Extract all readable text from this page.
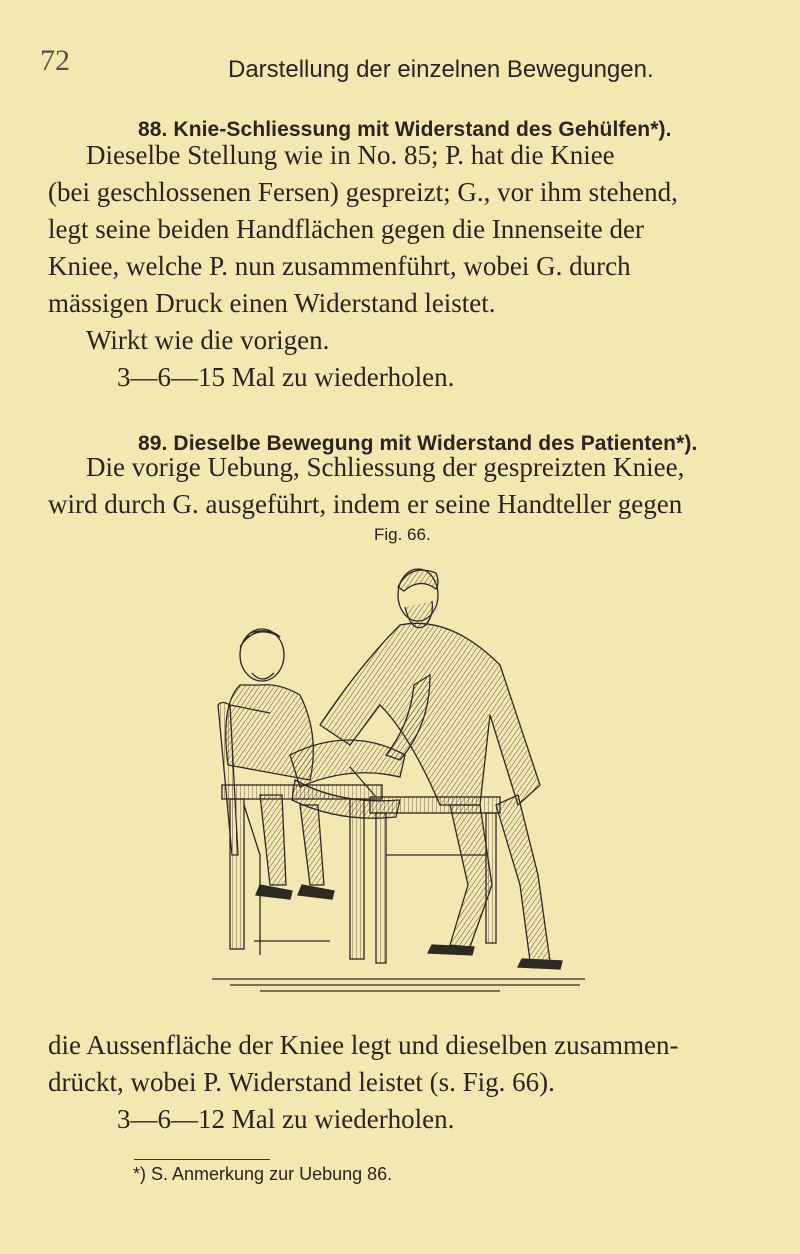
72	Darstellung der einzelnen Bewegungen.
88. Knie-Schliessung mit Widerstand des Gehülfen*).
Dieselbe Stellung wie in No. 85; P. hat die Kniee
(bei geschlossenen Fersen) gespreizt; G., vor ihm stehend,
legt seine beiden Handflächen gegen die Innenseite der
Kniee, welche P. nun zusammenführt, wobei G. durch
mässigen Druck einen Widerstand leistet.
Wirkt wie die vorigen.
3—6—15 Mal zu wiederholen.
89. Dieselbe Bewegung mit Widerstand des Patienten*).
Die vorige Uebung, Schliessung der gespreizten Kniee,
wird durch G. ausgeführt, indem er seine Handteller gegen
Fig. 66.
die Aussenfläche der Kniee legt und dieselben zusammen-
drückt, wobei P. Widerstand leistet (s. Fig. 66).
3—6—12 Mal zu wiederholen.
*) S. Anmerkung zur Uebung 86.
